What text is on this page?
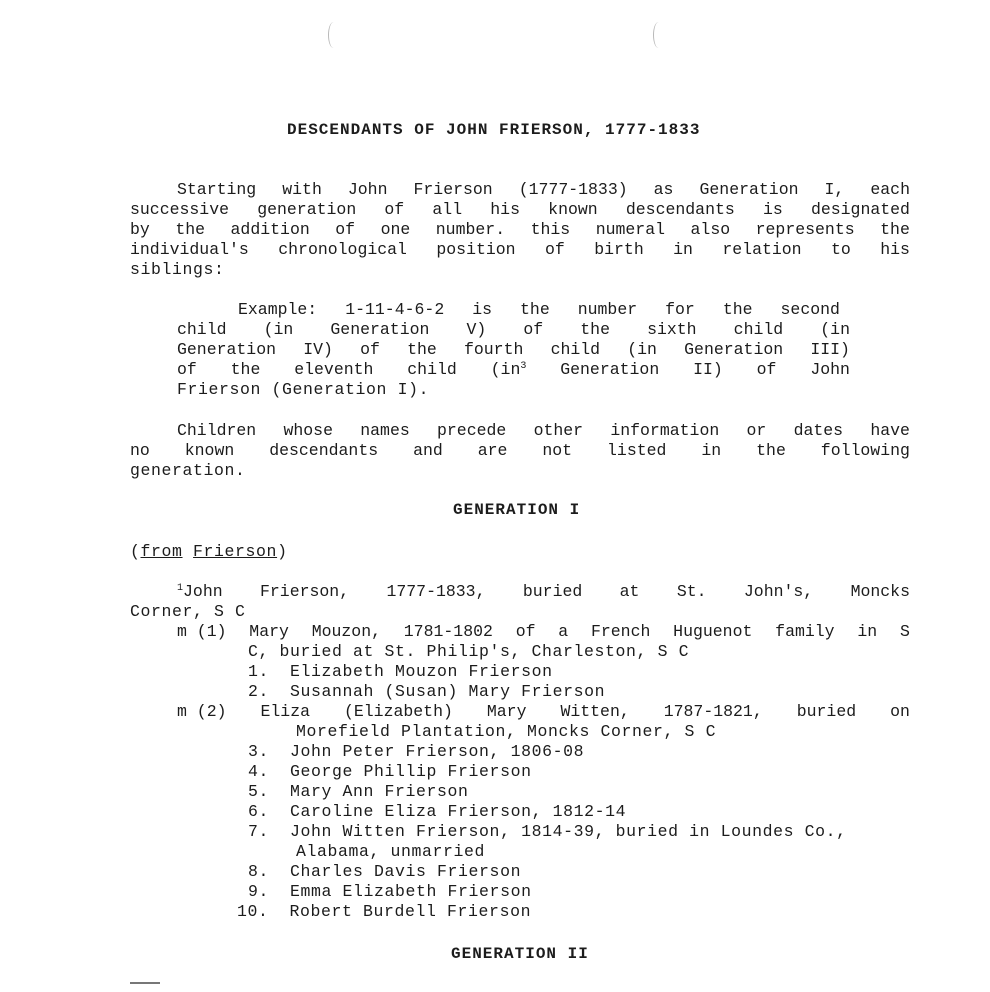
DESCENDANTS OF JOHN FRIERSON, 1777-1833
Starting with John Frierson (1777-1833) as Generation I, each
successive generation of all his known descendants is designated
by the addition of one number. this numeral also represents the
individual's chronological position of birth in relation to his
siblings:
Example: 1-11-4-6-2 is the number for the second
child (in Generation V) of the sixth child (in
Generation IV) of the fourth child (in Generation III)
of the eleventh child ($in^3$ Generation II) of John
Frierson (Generation I).
Children whose names precede other information or dates have
no known descendants and are not listed in the following
generation.
GENERATION I
(from Frierson)
$^1$John Frierson, 1777-1833, buried at St. John's, Moncks
Corner, S C
m (1) Mary Mouzon, 1781-1802 of a French Huguenot family in S
C, buried at St. Philip's, Charleston, S C
1. Elizabeth Mouzon Frierson
2. Susannah (Susan) Mary Frierson
m (2) Eliza (Elizabeth) Mary Witten, 1787-1821, buried on
Morefield Plantation, Moncks Corner, S C
3. John Peter Frierson, 1806-08
4. George Phillip Frierson
5. Mary Ann Frierson
6. Caroline Eliza Frierson, 1812-14
7. John Witten Frierson, 1814-39, buried in Loundes Co.,
Alabama, unmarried
8. Charles Davis Frierson
9. Emma Elizabeth Frierson
10. Robert Burdell Frierson
GENERATION II
